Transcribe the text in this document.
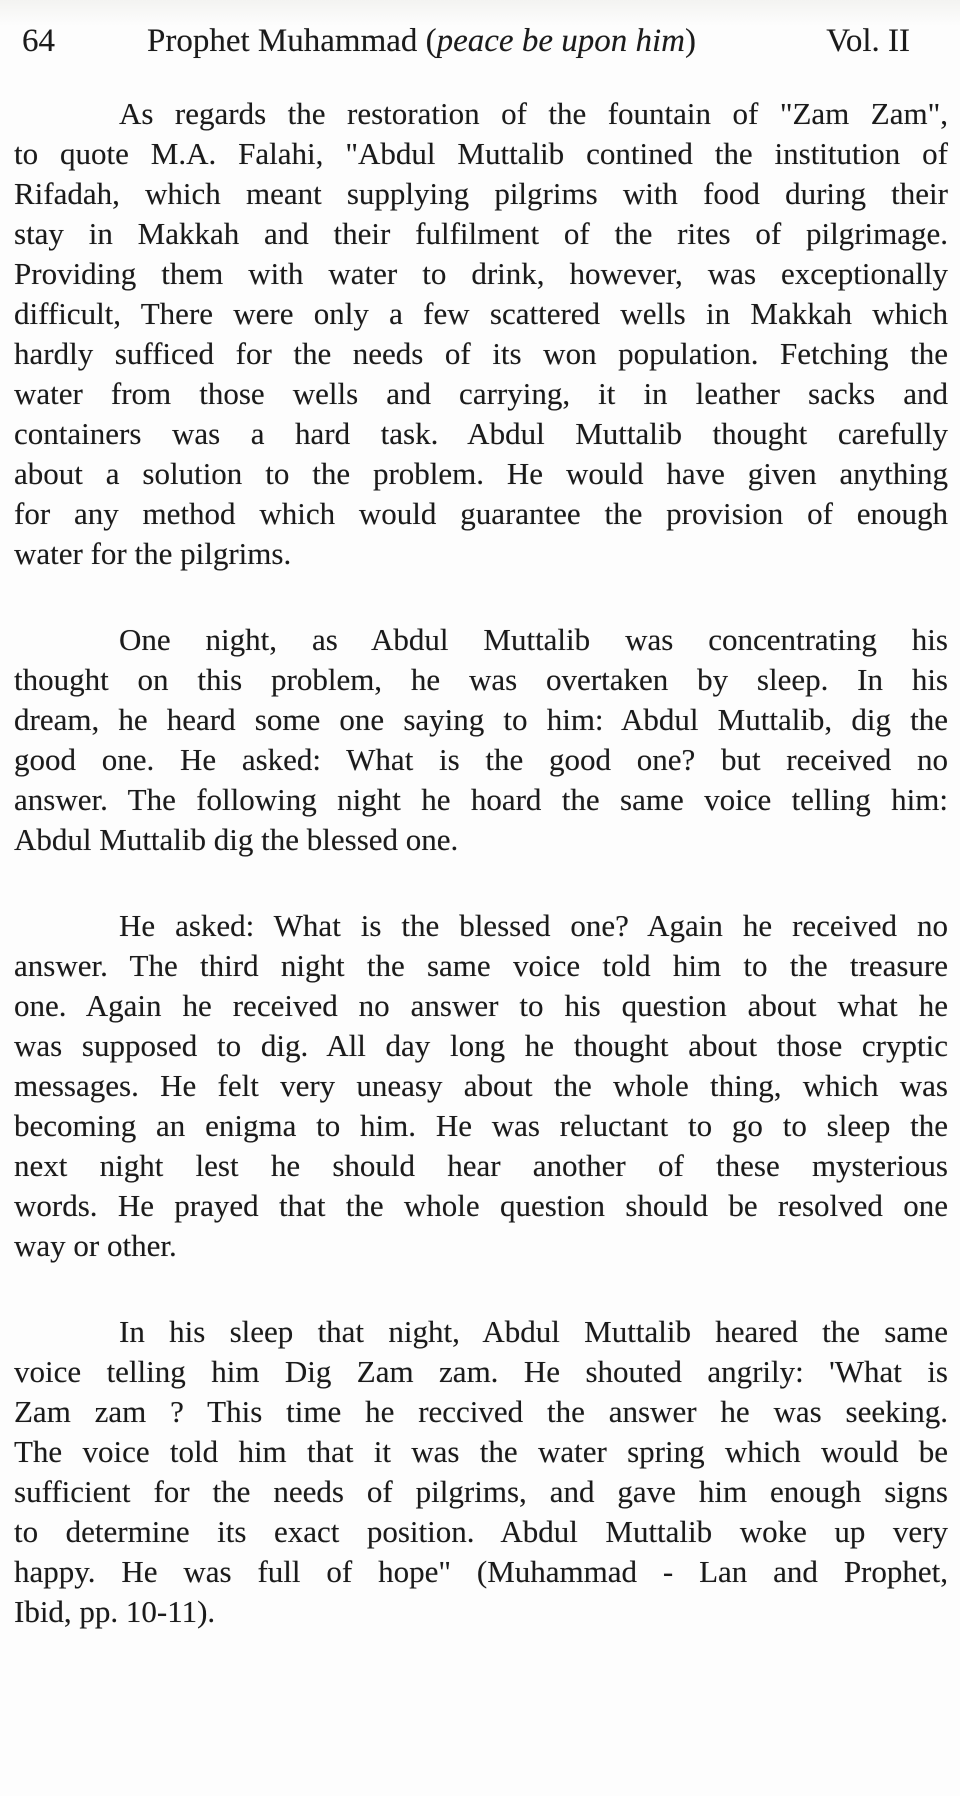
64	Prophet Muhammad (peace be upon him)	Vol. II
As regards the restoration of the fountain of "Zam Zam",
to quote M.A. Falahi, "Abdul Muttalib contined the institution of
Rifadah, which meant supplying pilgrims with food during their
stay in Makkah and their fulfilment of the rites of pilgrimage.
Providing them with water to drink, however, was exceptionally
difficult, There were only a few scattered wells in Makkah which
hardly sufficed for the needs of its won population. Fetching the
water from those wells and carrying, it in leather sacks and
containers was a hard task. Abdul Muttalib thought carefully
about a solution to the problem. He would have given anything
for any method which would guarantee the provision of enough
water for the pilgrims.
One night, as Abdul Muttalib was concentrating his
thought on this problem, he was overtaken by sleep. In his
dream, he heard some one saying to him: Abdul Muttalib, dig the
good one. He asked: What is the good one? but received no
answer. The following night he hoard the same voice telling him:
Abdul Muttalib dig the blessed one.
He asked: What is the blessed one? Again he received no
answer. The third night the same voice told him to the treasure
one. Again he received no answer to his question about what he
was supposed to dig. All day long he thought about those cryptic
messages. He felt very uneasy about the whole thing, which was
becoming an enigma to him. He was reluctant to go to sleep the
next night lest he should hear another of these mysterious
words. He prayed that the whole question should be resolved one
way or other.
In his sleep that night, Abdul Muttalib heared the same
voice telling him Dig Zam zam. He shouted angrily: 'What is
Zam zam ? This time he reccived the answer he was seeking.
The voice told him that it was the water spring which would be
sufficient for the needs of pilgrims, and gave him enough signs
to determine its exact position. Abdul Muttalib woke up very
happy. He was full of hope" (Muhammad - Lan and Prophet,
Ibid, pp. 10-11).
